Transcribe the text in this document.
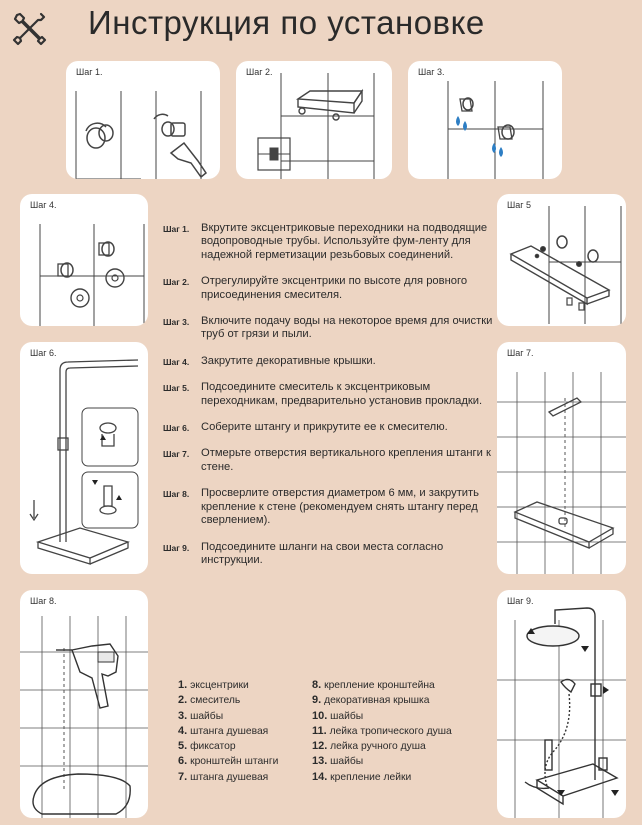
Инструкция по установке
Шаг 1.	Шаг 2.	Шаг 3.
Шаг 4.	Шаг 5
Шаг 6.	Шаг 7.
Шаг 8.	Шаг 9.
Шаг 1. Вкрутите эксцентриковые переходники на подводящие водопроводные трубы. Используйте фум-ленту для надежной герметизации резьбовых соединений.
Шаг 2. Отрегулируйте эксцентрики по высоте для ровного присоединения смесителя.
Шаг 3. Включите подачу воды на некоторое время для очистки труб от грязи и пыли.
Шаг 4. Закрутите декоративные крышки.
Шаг 5. Подсоедините смеситель к эксцентриковым переходникам, предварительно установив прокладки.
Шаг 6. Соберите штангу и прикрутите ее к смесителю.
Шаг 7. Отмерьте отверстия вертикального крепления штанги к стене.
Шаг 8. Просверлите отверстия диаметром 6 мм, и закрутить крепление к стене (рекомендуем снять штангу перед сверлением).
Шаг 9. Подсоедините шланги на свои места согласно инструкции.
1. эксцентрики
2. смеситель
3. шайбы
4. штанга душевая
5. фиксатор
6. кронштейн штанги
7. штанга душевая
8. крепление кронштейна
9. декоративная крышка
10. шайбы
11. лейка тропического душа
12. лейка ручного душа
13. шайбы
14. крепление лейки
